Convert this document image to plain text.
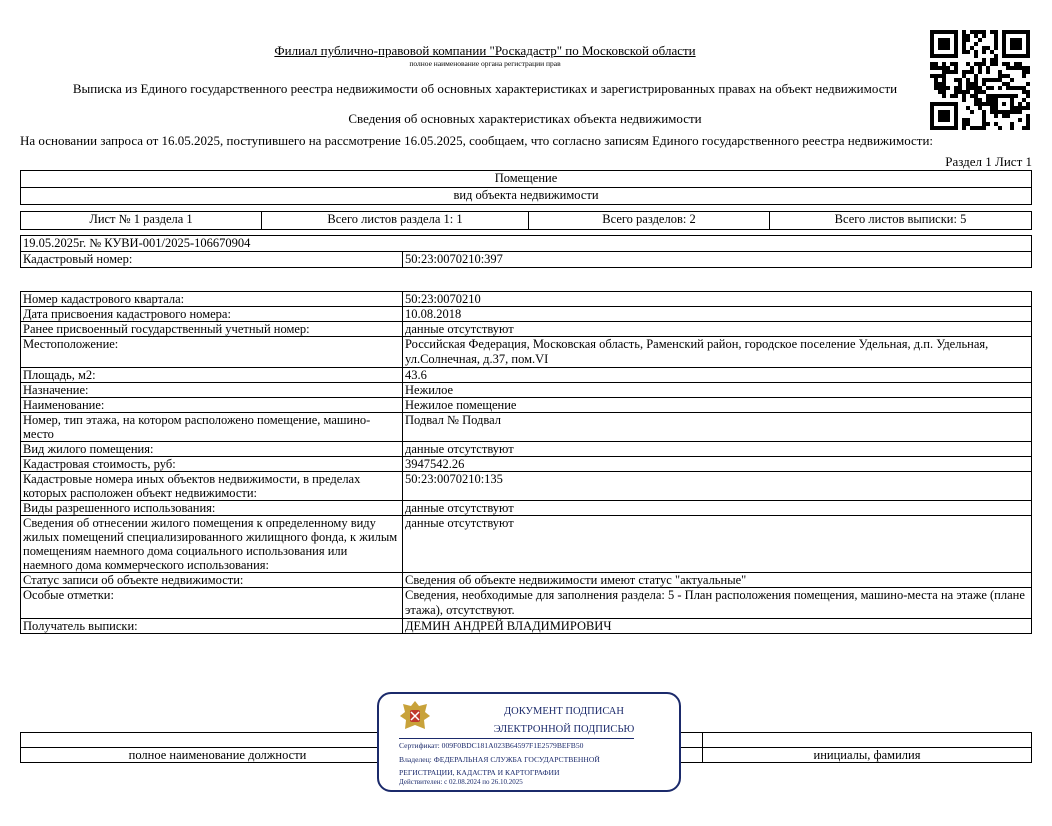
Филиал публично-правовой компании "Роскадастр" по Московской области
полное наименование органа регистрации прав
Выписка из Единого государственного реестра недвижимости об основных характеристиках и зарегистрированных правах на объект недвижимости
Сведения об основных характеристиках объекта недвижимости
На основании запроса от 16.05.2025, поступившего на рассмотрение 16.05.2025, сообщаем, что согласно записям Единого государственного реестра недвижимости:
Раздел 1 Лист 1
Помещение
вид объекта недвижимости
Лист № 1 раздела 1	Всего листов раздела 1: 1	Всего разделов: 2	Всего листов выписки: 5
19.05.2025г. № КУВИ-001/2025-106670904
Кадастровый номер:	50:23:0070210:397
Номер кадастрового квартала:	50:23:0070210
Дата присвоения кадастрового номера:	10.08.2018
Ранее присвоенный государственный учетный номер:	данные отсутствуют
Местоположение:	Российская Федерация, Московская область, Раменский район, городское поселение Удельная, д.п. Удельная, ул.Солнечная, д.37, пом.VI
Площадь, м2:	43.6
Назначение:	Нежилое
Наименование:	Нежилое помещение
Номер, тип этажа, на котором расположено помещение, машино-место	Подвал № Подвал
Вид жилого помещения:	данные отсутствуют
Кадастровая стоимость, руб:	3947542.26
Кадастровые номера иных объектов недвижимости, в пределах которых расположен объект недвижимости:	50:23:0070210:135
Виды разрешенного использования:	данные отсутствуют
Сведения об отнесении жилого помещения к определенному виду жилых помещений специализированного жилищного фонда, к жилым помещениям наемного дома социального использования или наемного дома коммерческого использования:	данные отсутствуют
Статус записи об объекте недвижимости:	Сведения об объекте недвижимости имеют статус "актуальные"
Особые отметки:	Сведения, необходимые для заполнения раздела: 5 - План расположения помещения, машино-места на этаже (плане этажа), отсутствуют.
Получатель выписки:	ДЕМИН АНДРЕЙ ВЛАДИМИРОВИЧ

полное наименование должности		инициалы, фамилия
ДОКУМЕНТ ПОДПИСАН
ЭЛЕКТРОННОЙ ПОДПИСЬЮ
Сертификат: 009F0BDC181A023B64597F1E2579BEFB50
Владелец: ФЕДЕРАЛЬНАЯ СЛУЖБА ГОСУДАРСТВЕННОЙ
РЕГИСТРАЦИИ, КАДАСТРА И КАРТОГРАФИИ
Действителен: с 02.08.2024 по 26.10.2025
